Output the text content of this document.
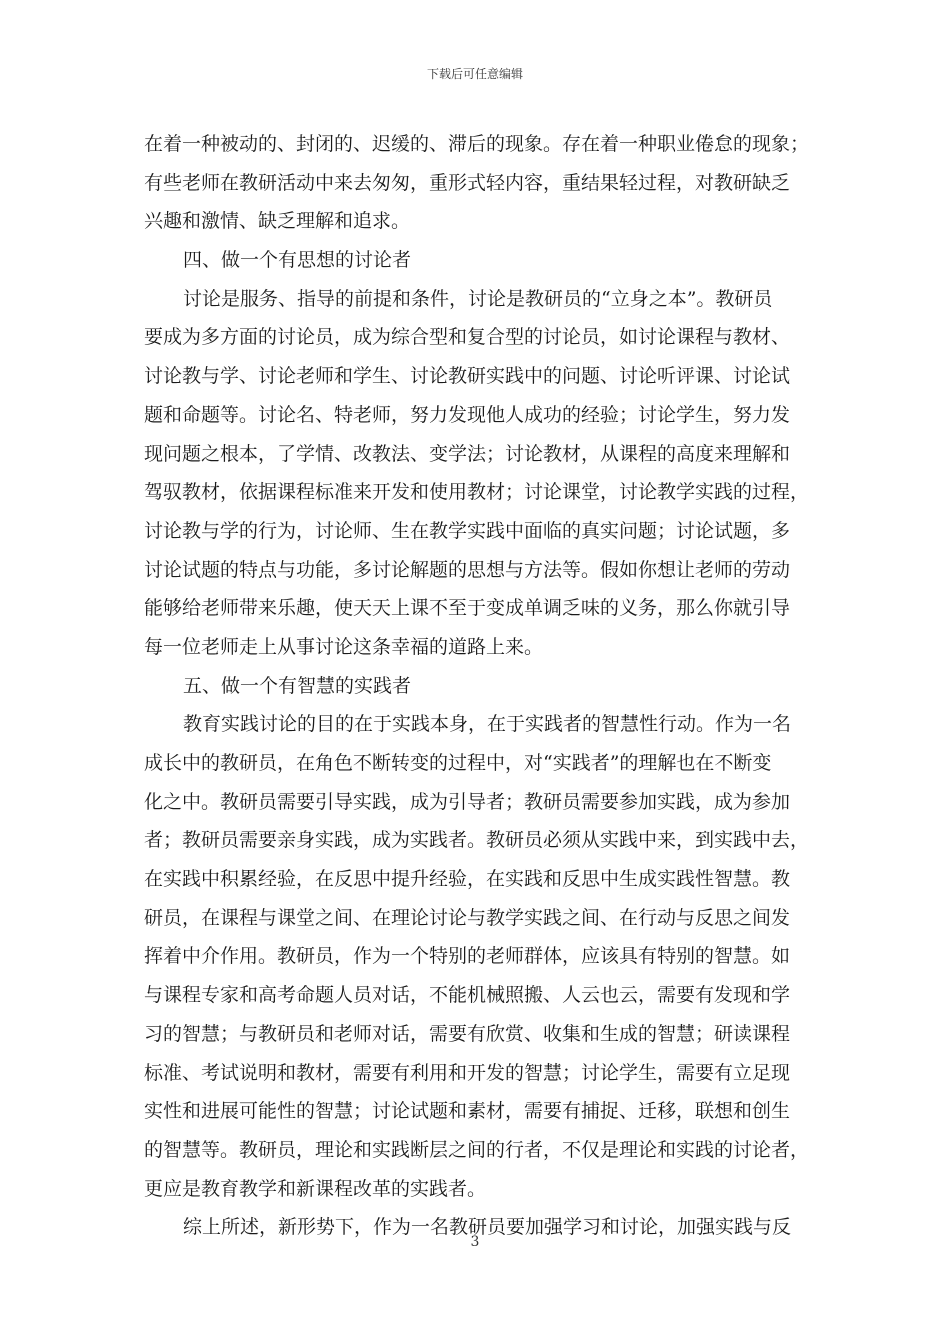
下载后可任意编辑
在着一种被动的、封闭的、迟缓的、滞后的现象。存在着一种职业倦怠的现象；
有些老师在教研活动中来去匆匆，重形式轻内容，重结果轻过程，对教研缺乏
兴趣和激情、缺乏理解和追求。
四、做一个有思想的讨论者
讨论是服务、指导的前提和条件，讨论是教研员的“立身之本”。教研员
要成为多方面的讨论员，成为综合型和复合型的讨论员，如讨论课程与教材、
讨论教与学、讨论老师和学生、讨论教研实践中的问题、讨论听评课、讨论试
题和命题等。讨论名、特老师，努力发现他人成功的经验；讨论学生，努力发
现问题之根本，了学情、改教法、变学法；讨论教材，从课程的高度来理解和
驾驭教材，依据课程标准来开发和使用教材；讨论课堂，讨论教学实践的过程，
讨论教与学的行为，讨论师、生在教学实践中面临的真实问题；讨论试题，多
讨论试题的特点与功能，多讨论解题的思想与方法等。假如你想让老师的劳动
能够给老师带来乐趣，使天天上课不至于变成单调乏味的义务，那么你就引导
每一位老师走上从事讨论这条幸福的道路上来。
五、做一个有智慧的实践者
教育实践讨论的目的在于实践本身，在于实践者的智慧性行动。作为一名
成长中的教研员，在角色不断转变的过程中，对“实践者”的理解也在不断变
化之中。教研员需要引导实践，成为引导者；教研员需要参加实践，成为参加
者；教研员需要亲身实践，成为实践者。教研员必须从实践中来，到实践中去，
在实践中积累经验，在反思中提升经验，在实践和反思中生成实践性智慧。教
研员，在课程与课堂之间、在理论讨论与教学实践之间、在行动与反思之间发
挥着中介作用。教研员，作为一个特别的老师群体，应该具有特别的智慧。如
与课程专家和高考命题人员对话，不能机械照搬、人云也云，需要有发现和学
习的智慧；与教研员和老师对话，需要有欣赏、收集和生成的智慧；研读课程
标准、考试说明和教材，需要有利用和开发的智慧；讨论学生，需要有立足现
实性和进展可能性的智慧；讨论试题和素材，需要有捕捉、迁移，联想和创生
的智慧等。教研员，理论和实践断层之间的行者，不仅是理论和实践的讨论者，
更应是教育教学和新课程改革的实践者。
综上所述，新形势下，作为一名教研员要加强学习和讨论，加强实践与反
3
